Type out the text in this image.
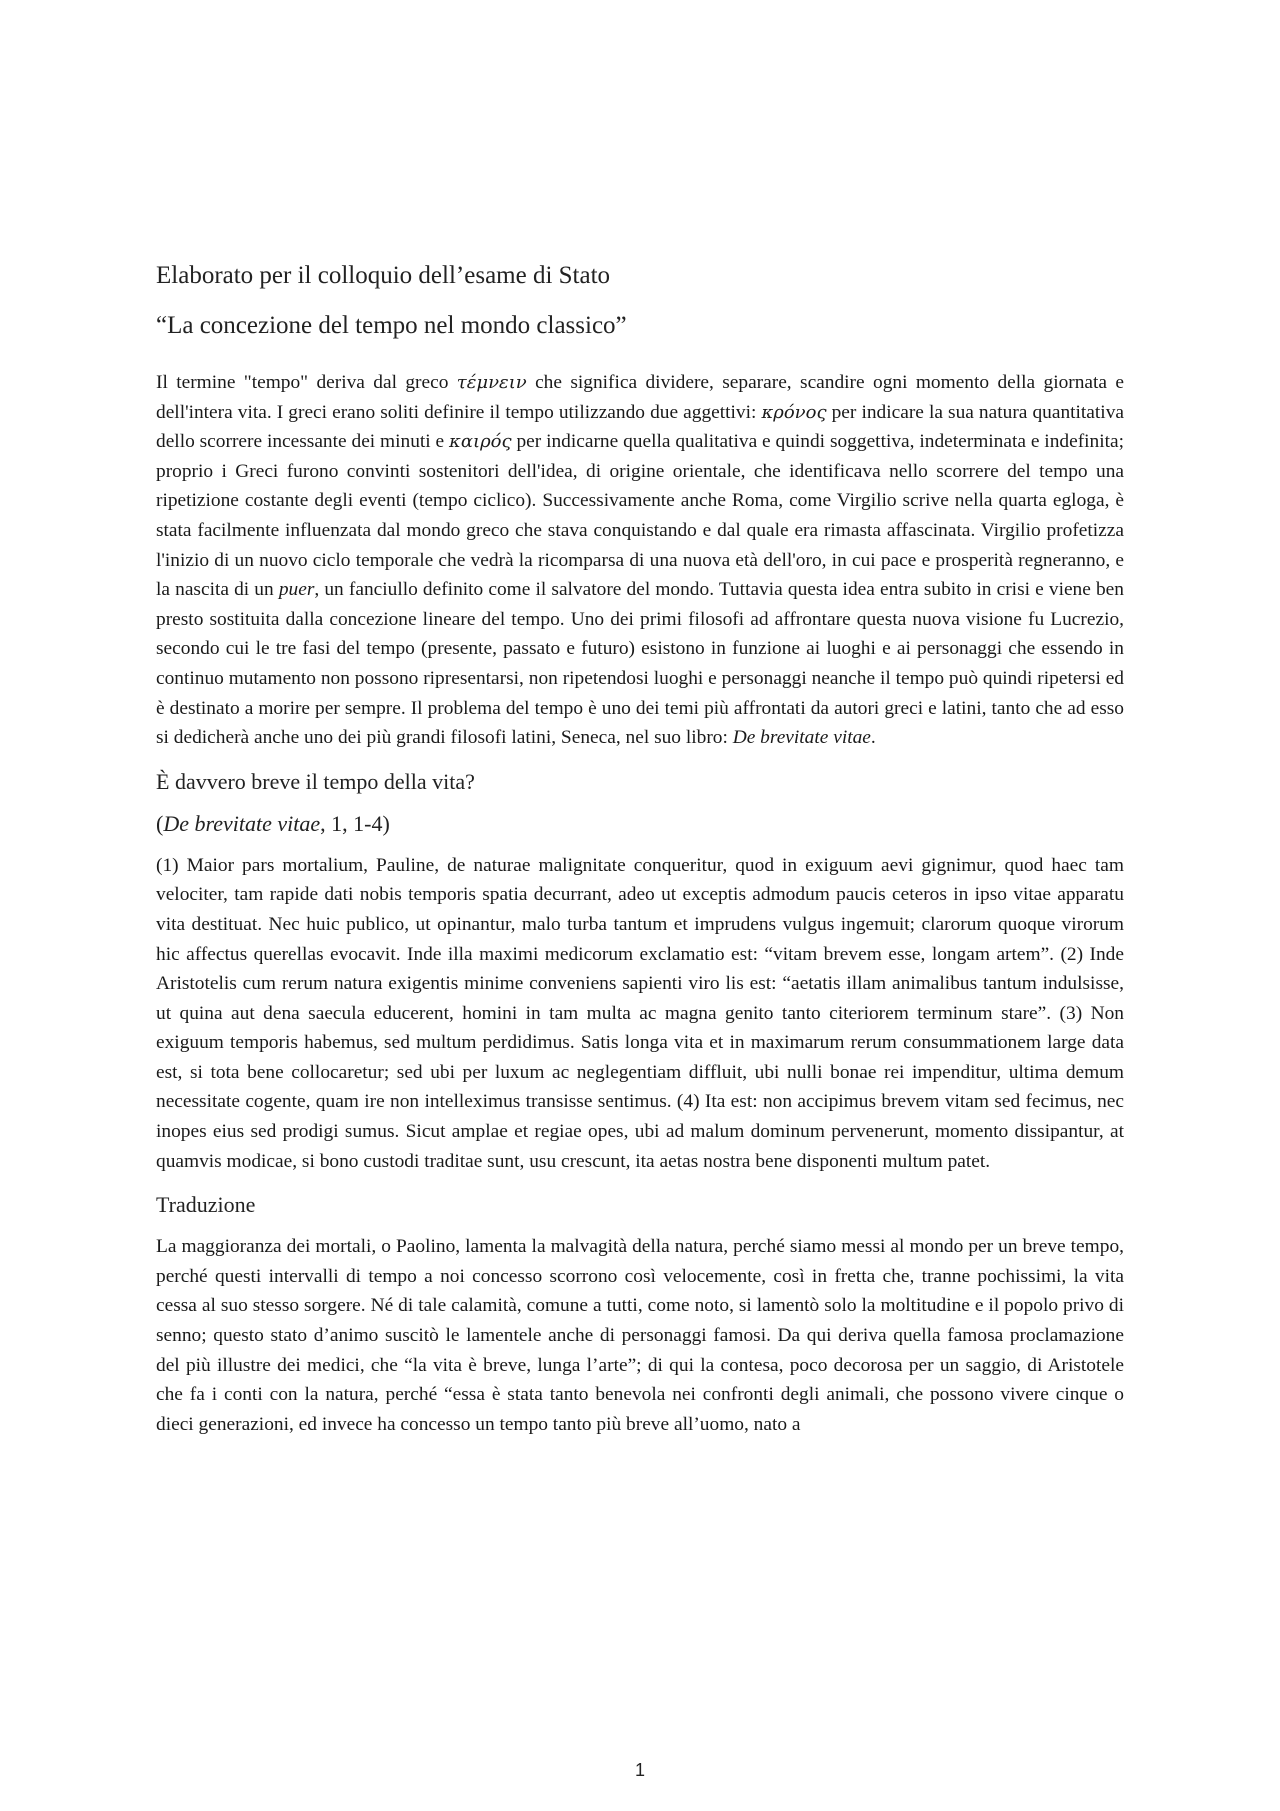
Elaborato per il colloquio dell’esame di Stato
“La concezione del tempo nel mondo classico”

Il termine "tempo" deriva dal greco τέμνειν che significa dividere, separare, scandire ogni momento della giornata e dell'intera vita. I greci erano soliti definire il tempo utilizzando due aggettivi: κρόνος per indicare la sua natura quantitativa dello scorrere incessante dei minuti e καιρός per indicarne quella qualitativa e quindi soggettiva, indeterminata e indefinita; proprio i Greci furono convinti sostenitori dell'idea, di origine orientale, che identificava nello scorrere del tempo una ripetizione costante degli eventi (tempo ciclico). Successivamente anche Roma, come Virgilio scrive nella quarta egloga, è stata facilmente influenzata dal mondo greco che stava conquistando e dal quale era rimasta affascinata. Virgilio profetizza l'inizio di un nuovo ciclo temporale che vedrà la ricomparsa di una nuova età dell'oro, in cui pace e prosperità regneranno, e la nascita di un puer, un fanciullo definito come il salvatore del mondo. Tuttavia questa idea entra subito in crisi e viene ben presto sostituita dalla concezione lineare del tempo. Uno dei primi filosofi ad affrontare questa nuova visione fu Lucrezio, secondo cui le tre fasi del tempo (presente, passato e futuro) esistono in funzione ai luoghi e ai personaggi che essendo in continuo mutamento non possono ripresentarsi, non ripetendosi luoghi e personaggi neanche il tempo può quindi ripetersi ed è destinato a morire per sempre. Il problema del tempo è uno dei temi più affrontati da autori greci e latini, tanto che ad esso si dedicherà anche uno dei più grandi filosofi latini, Seneca, nel suo libro: De brevitate vitae.

È davvero breve il tempo della vita?
(De brevitate vitae, 1, 1-4)

(1) Maior pars mortalium, Pauline, de naturae malignitate conqueritur, quod in exiguum aevi gignimur, quod haec tam velociter, tam rapide dati nobis temporis spatia decurrant, adeo ut exceptis admodum paucis ceteros in ipso vitae apparatu vita destituat. Nec huic publico, ut opinantur, malo turba tantum et imprudens vulgus ingemuit; clarorum quoque virorum hic affectus querellas evocavit. Inde illa maximi medicorum exclamatio est: “vitam brevem esse, longam artem”. (2) Inde Aristotelis cum rerum natura exigentis minime conveniens sapienti viro lis est: “aetatis illam animalibus tantum indulsisse, ut quina aut dena saecula educerent, homini in tam multa ac magna genito tanto citeriorem terminum stare”. (3) Non exiguum temporis habemus, sed multum perdidimus. Satis longa vita et in maximarum rerum consummationem large data est, si tota bene collocaretur; sed ubi per luxum ac neglegentiam diffluit, ubi nulli bonae rei impenditur, ultima demum necessitate cogente, quam ire non intelleximus transisse sentimus. (4) Ita est: non accipimus brevem vitam sed fecimus, nec inopes eius sed prodigi sumus. Sicut amplae et regiae opes, ubi ad malum dominum pervenerunt, momento dissipantur, at quamvis modicae, si bono custodi traditae sunt, usu crescunt, ita aetas nostra bene disponenti multum patet.

Traduzione

La maggioranza dei mortali, o Paolino, lamenta la malvagità della natura, perché siamo messi al mondo per un breve tempo, perché questi intervalli di tempo a noi concesso scorrono così velocemente, così in fretta che, tranne pochissimi, la vita cessa al suo stesso sorgere. Né di tale calamità, comune a tutti, come noto, si lamentò solo la moltitudine e il popolo privo di senno; questo stato d’animo suscitò le lamentele anche di personaggi famosi. Da qui deriva quella famosa proclamazione del più illustre dei medici, che “la vita è breve, lunga l’arte”; di qui la contesa, poco decorosa per un saggio, di Aristotele che fa i conti con la natura, perché “essa è stata tanto benevola nei confronti degli animali, che possono vivere cinque o dieci generazioni, ed invece ha concesso un tempo tanto più breve all’uomo, nato a

1
